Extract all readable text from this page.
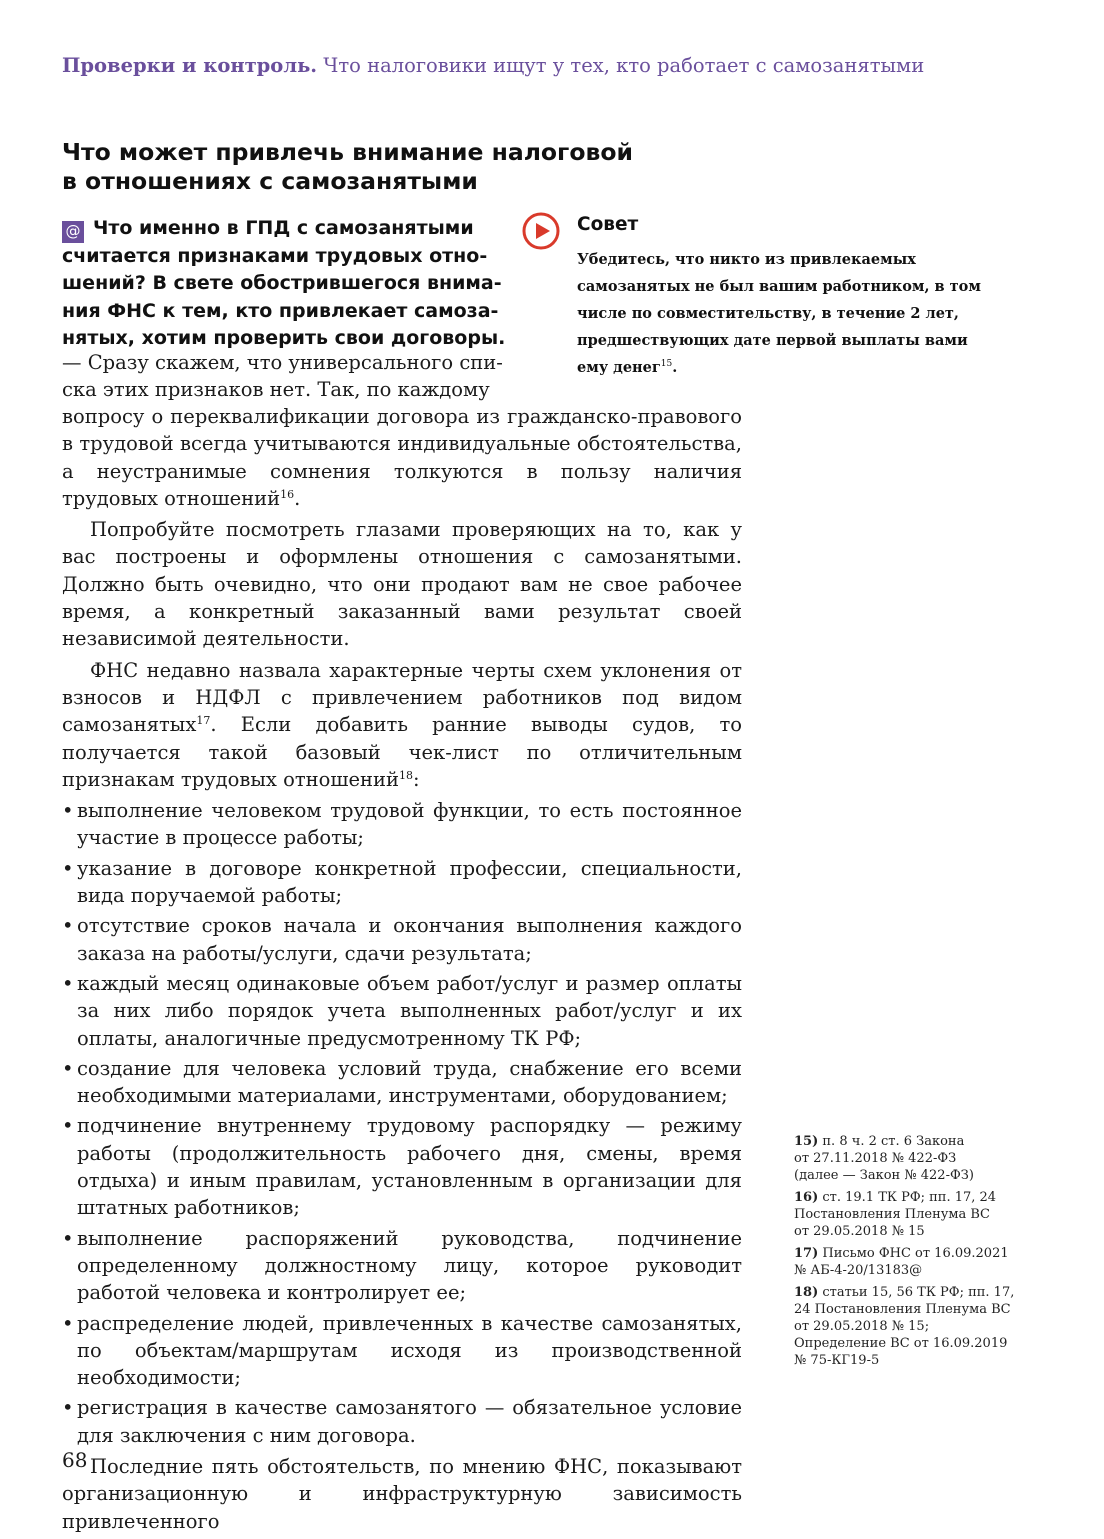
Проверки и контроль. Что налоговики ищут у тех, кто работает с самозанятыми
Что может привлечь внимание налоговой
в отношениях с самозанятыми
@ Что именно в ГПД с самозанятыми
считается признаками трудовых отно-
шений? В свете обострившегося внима-
ния ФНС к тем, кто привлекает самоза-
нятых, хотим проверить свои договоры.
— Сразу скажем, что универсального спи-
ска этих признаков нет. Так, по каждому
Совет
Убедитесь, что никто из привлекаемых
самозанятых не был вашим работником, в том
числе по совместительству, в течение 2 лет,
предшествующих дате первой выплаты вами
ему денег$^{15}$.

вопросу о переквалификации договора из гражданско-правового в трудовой всегда учитываются индивидуальные обстоятельства, а неустранимые сомнения толкуются в пользу наличия трудовых отношений$^{16}$.

Попробуйте посмотреть глазами проверяющих на то, как у вас построены и оформлены отношения с самозанятыми. Должно быть очевидно, что они продают вам не свое рабочее время, а конкретный заказанный вами результат своей независимой деятельности.

ФНС недавно назвала характерные черты схем уклонения от взносов и НДФЛ с привлечением работников под видом самозанятых$^{17}$. Если добавить ранние выводы судов, то получается такой базовый чек-лист по отличительным признакам трудовых отношений$^{18}$:

• выполнение человеком трудовой функции, то есть постоянное участие в процессе работы;
• указание в договоре конкретной профессии, специальности, вида поручаемой работы;
• отсутствие сроков начала и окончания выполнения каждого заказа на работы/услуги, сдачи результата;
• каждый месяц одинаковые объем работ/услуг и размер оплаты за них либо порядок учета выполненных работ/услуг и их оплаты, аналогичные предусмотренному ТК РФ;
• создание для человека условий труда, снабжение его всеми необходимыми материалами, инструментами, оборудованием;
• подчинение внутреннему трудовому распорядку — режиму работы (продолжительность рабочего дня, смены, время отдыха) и иным правилам, установленным в организации для штатных работников;
• выполнение распоряжений руководства, подчинение определенному должностному лицу, которое руководит работой человека и контролирует ее;
• распределение людей, привлеченных в качестве самозанятых, по объектам/маршрутам исходя из производственной необходимости;
• регистрация в качестве самозанятого — обязательное условие для заключения с ним договора.

Последние пять обстоятельств, по мнению ФНС, показывают организационную и инфраструктурную зависимость привлеченного

15) п. 8 ч. 2 ст. 6 Закона
от 27.11.2018 № 422-ФЗ
(далее — Закон № 422-ФЗ)
16) ст. 19.1 ТК РФ; пп. 17, 24
Постановления Пленума ВС
от 29.05.2018 № 15
17) Письмо ФНС от 16.09.2021
№ АБ-4-20/13183@
18) статьи 15, 56 ТК РФ; пп. 17,
24 Постановления Пленума ВС
от 29.05.2018 № 15;
Определение ВС от 16.09.2019
№ 75-КГ19-5
68
